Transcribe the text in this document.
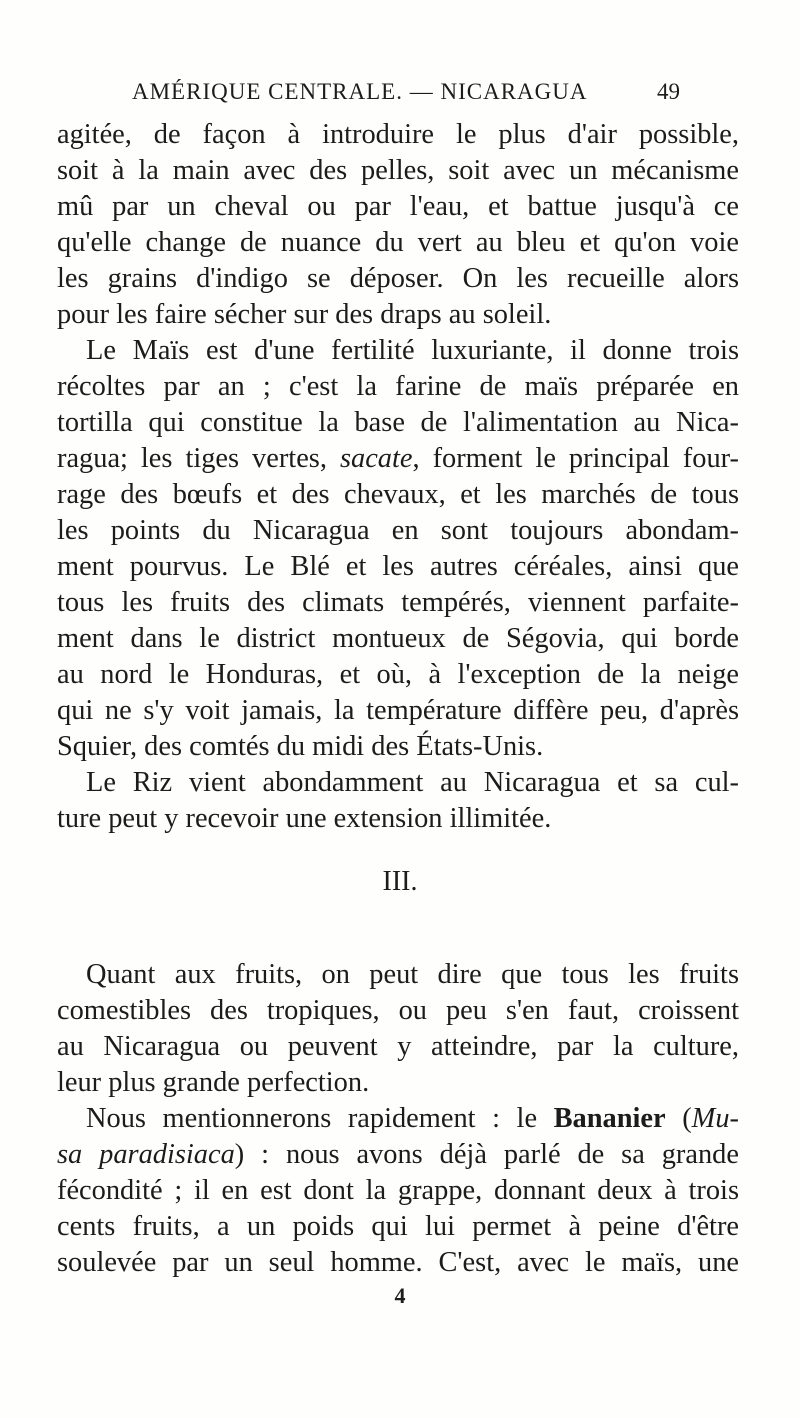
AMÉRIQUE CENTRALE. — NICARAGUA	49
agitée, de façon à introduire le plus d'air possible,
soit à la main avec des pelles, soit avec un mécanisme
mû par un cheval ou par l'eau, et battue jusqu'à ce
qu'elle change de nuance du vert au bleu et qu'on voie
les grains d'indigo se déposer. On les recueille alors
pour les faire sécher sur des draps au soleil.
Le Maïs est d'une fertilité luxuriante, il donne trois
récoltes par an ; c'est la farine de maïs préparée en
tortilla qui constitue la base de l'alimentation au Nica-
ragua; les tiges vertes, sacate, forment le principal four-
rage des bœufs et des chevaux, et les marchés de tous
les points du Nicaragua en sont toujours abondam-
ment pourvus. Le Blé et les autres céréales, ainsi que
tous les fruits des climats tempérés, viennent parfaite-
ment dans le district montueux de Ségovia, qui borde
au nord le Honduras, et où, à l'exception de la neige
qui ne s'y voit jamais, la température diffère peu, d'après
Squier, des comtés du midi des États-Unis.
Le Riz vient abondamment au Nicaragua et sa cul-
ture peut y recevoir une extension illimitée.
III.
Quant aux fruits, on peut dire que tous les fruits
comestibles des tropiques, ou peu s'en faut, croissent
au Nicaragua ou peuvent y atteindre, par la culture,
leur plus grande perfection.
Nous mentionnerons rapidement : le Bananier (Mu-
sa paradisiaca) : nous avons déjà parlé de sa grande
fécondité ; il en est dont la grappe, donnant deux à trois
cents fruits, a un poids qui lui permet à peine d'être
soulevée par un seul homme. C'est, avec le maïs, une
4
